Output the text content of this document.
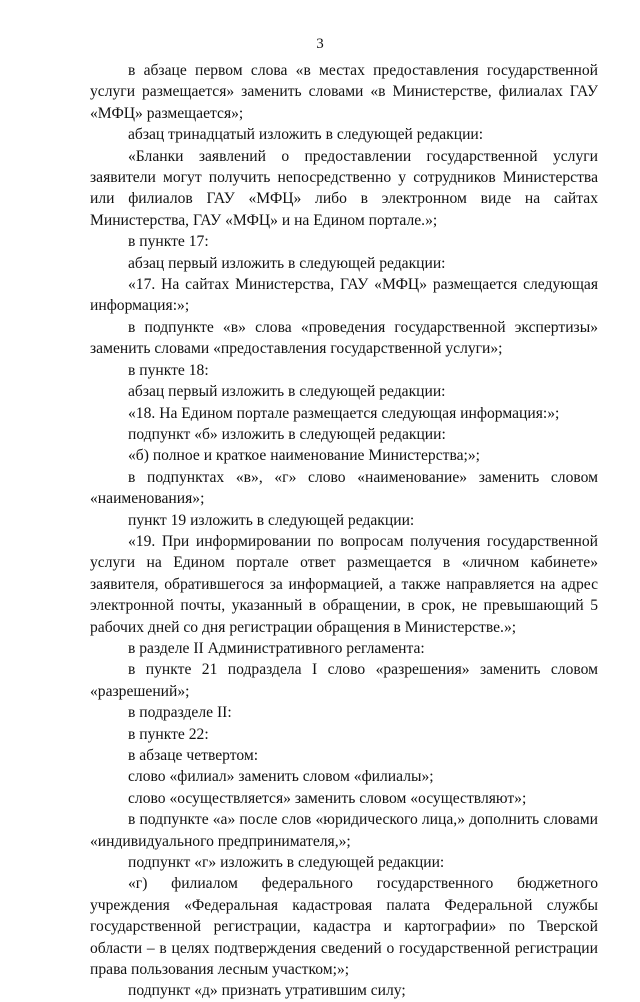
3

в абзаце первом слова «в местах предоставления государственной услуги размещается» заменить словами «в Министерстве, филиалах ГАУ «МФЦ» размещается»;

абзац тринадцатый изложить в следующей редакции:

«Бланки заявлений о предоставлении государственной услуги заявители могут получить непосредственно у сотрудников Министерства или филиалов ГАУ «МФЦ» либо в электронном виде на сайтах Министерства, ГАУ «МФЦ» и на Едином портале.»;

в пункте 17:

абзац первый изложить в следующей редакции:

«17. На сайтах Министерства, ГАУ «МФЦ» размещается следующая информация:»;

в подпункте «в» слова «проведения государственной экспертизы» заменить словами «предоставления государственной услуги»;

в пункте 18:

абзац первый изложить в следующей редакции:

«18. На Едином портале размещается следующая информация:»;

подпункт «б» изложить в следующей редакции:

«б) полное и краткое наименование Министерства;»;

в подпунктах «в», «г» слово «наименование» заменить словом «наименования»;

пункт 19 изложить в следующей редакции:

«19. При информировании по вопросам получения государственной услуги на Едином портале ответ размещается в «личном кабинете» заявителя, обратившегося за информацией, а также направляется на адрес электронной почты, указанный в обращении, в срок, не превышающий 5 рабочих дней со дня регистрации обращения в Министерстве.»;

в разделе II Административного регламента:

в пункте 21 подраздела I слово «разрешения» заменить словом «разрешений»;

в подразделе II:

в пункте 22:

в абзаце четвертом:

слово «филиал» заменить словом «филиалы»;

слово «осуществляется» заменить словом «осуществляют»;

в подпункте «а» после слов «юридического лица,» дополнить словами «индивидуального предпринимателя,»;

подпункт «г» изложить в следующей редакции:

«г) филиалом федерального государственного бюджетного учреждения «Федеральная кадастровая палата Федеральной службы государственной регистрации, кадастра и картографии» по Тверской области – в целях подтверждения сведений о государственной регистрации права пользования лесным участком;»;

подпункт «д» признать утратившим силу;
